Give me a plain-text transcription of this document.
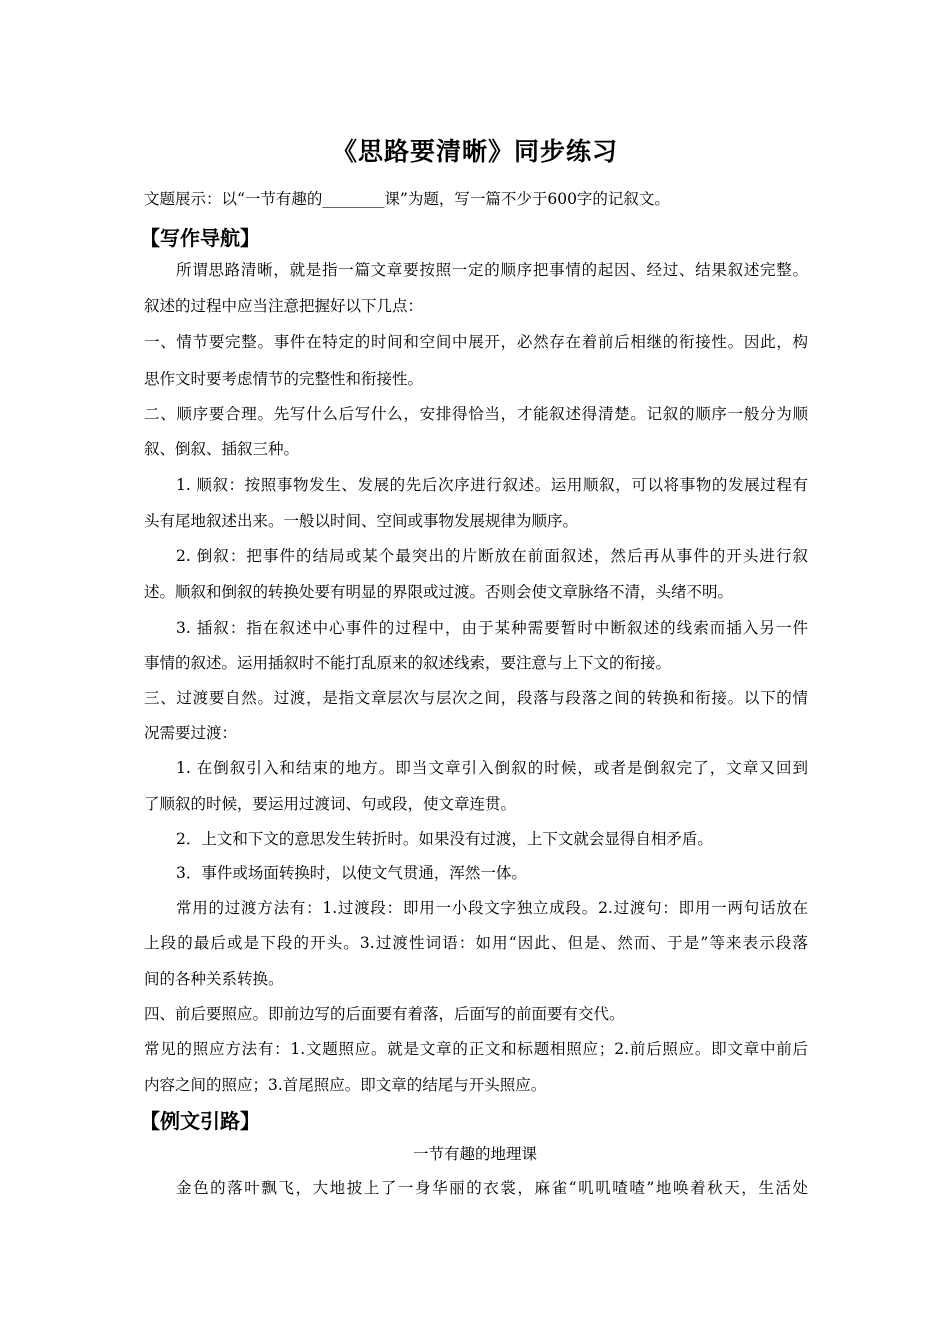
《思路要清晰》同步练习
文题展示：以“一节有趣的________课”为题，写一篇不少于600字的记叙文。
【写作导航】
所谓思路清晰，就是指一篇文章要按照一定的顺序把事情的起因、经过、结果叙述完整。
叙述的过程中应当注意把握好以下几点：
一、情节要完整。事件在特定的时间和空间中展开，必然存在着前后相继的衔接性。因此，构
思作文时要考虑情节的完整性和衔接性。
二、顺序要合理。先写什么后写什么，安排得恰当，才能叙述得清楚。记叙的顺序一般分为顺
叙、倒叙、插叙三种。
1. 顺叙：按照事物发生、发展的先后次序进行叙述。运用顺叙，可以将事物的发展过程有
头有尾地叙述出来。一般以时间、空间或事物发展规律为顺序。
2. 倒叙：把事件的结局或某个最突出的片断放在前面叙述，然后再从事件的开头进行叙
述。顺叙和倒叙的转换处要有明显的界限或过渡。否则会使文章脉络不清，头绪不明。
3. 插叙：指在叙述中心事件的过程中，由于某种需要暂时中断叙述的线索而插入另一件
事情的叙述。运用插叙时不能打乱原来的叙述线索，要注意与上下文的衔接。
三、过渡要自然。过渡，是指文章层次与层次之间，段落与段落之间的转换和衔接。以下的情
况需要过渡：
1. 在倒叙引入和结束的地方。即当文章引入倒叙的时候，或者是倒叙完了，文章又回到
了顺叙的时候，要运用过渡词、句或段，使文章连贯。
2．上文和下文的意思发生转折时。如果没有过渡，上下文就会显得自相矛盾。
3．事件或场面转换时，以使文气贯通，浑然一体。
常用的过渡方法有：1.过渡段：即用一小段文字独立成段。2.过渡句：即用一两句话放在
上段的最后或是下段的开头。3.过渡性词语：如用“因此、但是、然而、于是”等来表示段落
间的各种关系转换。
四、前后要照应。即前边写的后面要有着落，后面写的前面要有交代。
常见的照应方法有：1.文题照应。就是文章的正文和标题相照应；2.前后照应。即文章中前后
内容之间的照应；3.首尾照应。即文章的结尾与开头照应。
【例文引路】
一节有趣的地理课
金色的落叶飘飞，大地披上了一身华丽的衣裳，麻雀“叽叽喳喳”地唤着秋天，生活处
